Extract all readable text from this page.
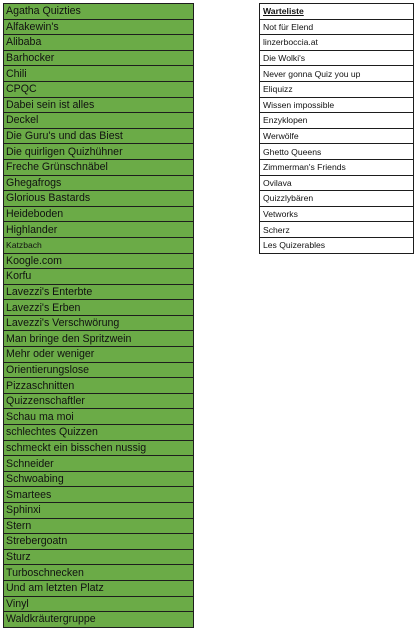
Agatha Quizties
Alfakewin's
Alibaba
Barhocker
Chili
CPQC
Dabei sein ist alles
Deckel
Die Guru's und das Biest
Die quirligen Quizhühner
Freche Grünschnäbel
Ghegafrogs
Glorious Bastards
Heideboden
Highlander
Katzbach
Koogle.com
Korfu
Lavezzi's Enterbte
Lavezzi's Erben
Lavezzi's Verschwörung
Man bringe den Spritzwein
Mehr oder weniger
Orientierungslose
Pizzaschnitten
Quizzenschaftler
Schau ma moi
schlechtes Quizzen
schmeckt ein bisschen nussig
Schneider
Schwoabing
Smartees
Sphinxi
Stern
Strebergoatn
Sturz
Turboschnecken
Und am letzten Platz
Vinyl
Waldkräutergruppe
Warteliste
Not für Elend
linzerboccia.at
Die Wolki's
Never gonna Quiz you up
Eliquizz
Wissen impossible
Enzyklopen
Werwölfe
Ghetto Queens
Zimmerman's Friends
Ovilava
Quizzlybären
Vetworks
Scherz
Les Quizerables
